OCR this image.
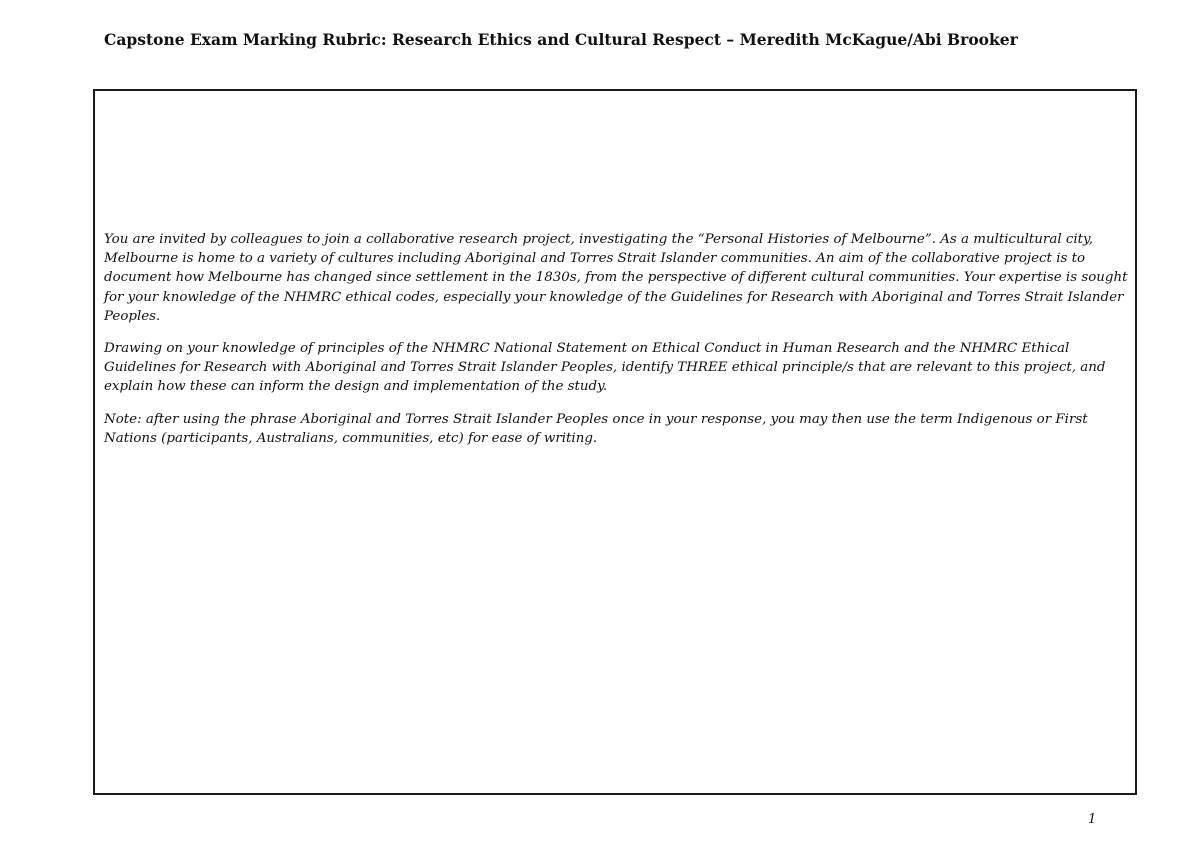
Capstone Exam Marking Rubric: Research Ethics and Cultural Respect – Meredith McKague/Abi Brooker

You are invited by colleagues to join a collaborative research project, investigating the “Personal Histories of Melbourne”. As a multicultural city, Melbourne is home to a variety of cultures including Aboriginal and Torres Strait Islander communities. An aim of the collaborative project is to document how Melbourne has changed since settlement in the 1830s, from the perspective of different cultural communities. Your expertise is sought for your knowledge of the NHMRC ethical codes, especially your knowledge of the Guidelines for Research with Aboriginal and Torres Strait Islander Peoples.

Drawing on your knowledge of principles of the NHMRC National Statement on Ethical Conduct in Human Research and the NHMRC Ethical Guidelines for Research with Aboriginal and Torres Strait Islander Peoples, identify THREE ethical principle/s that are relevant to this project, and explain how these can inform the design and implementation of the study.

Note: after using the phrase Aboriginal and Torres Strait Islander Peoples once in your response, you may then use the term Indigenous or First Nations (participants, Australians, communities, etc) for ease of writing.

1
